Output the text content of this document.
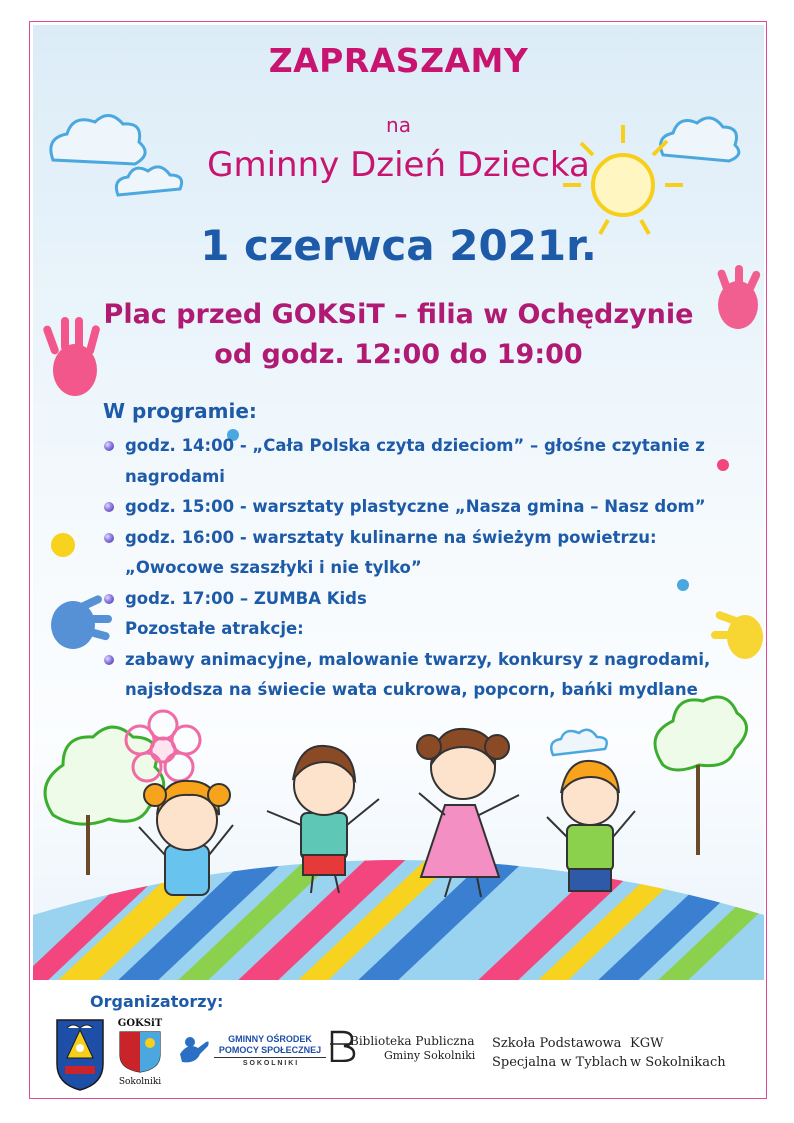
ZAPRASZAMY
na
Gminny Dzień Dziecka
1 czerwca 2021r.
Plac przed GOKSiT – filia w Ochędzynie
od godz. 12:00 do 19:00
W programie:
godz. 14:00 - „Cała Polska czyta dzieciom” – głośne czytanie z
nagrodami
godz. 15:00 - warsztaty plastyczne „Nasza gmina – Nasz dom”
godz. 16:00 - warsztaty kulinarne na świeżym powietrzu:
„Owocowe szaszłyki i nie tylko”
godz. 17:00 – ZUMBA Kids
Pozostałe atrakcje:
zabawy animacyjne, malowanie twarzy, konkursy z nagrodami,
najsłodsza na świecie wata cukrowa, popcorn, bańki mydlane
Organizatorzy:
GOKSiT
Sokolniki
GMINNY OŚRODEK
POMOCY SPOŁECZNEJ
S O K O L N I K I
Biblioteka Publiczna
Gminy Sokolniki
Szkoła Podstawowa
Specjalna w Tyblach
KGW
w Sokolnikach
